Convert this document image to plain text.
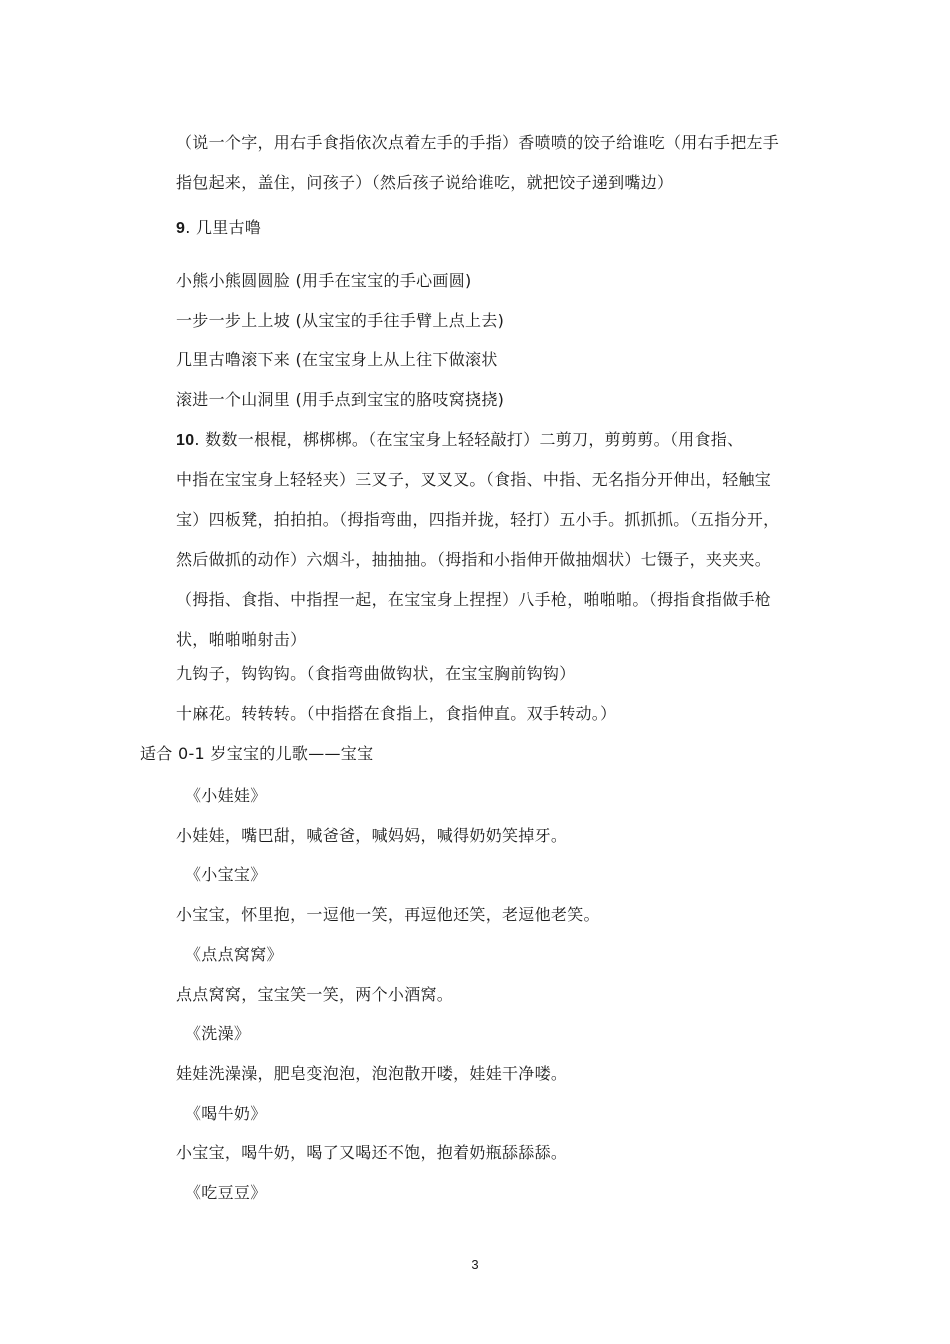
（说一个字，用右手食指依次点着左手的手指）香喷喷的饺子给谁吃（用右手把左手
指包起来，盖住，问孩子）（然后孩子说给谁吃，就把饺子递到嘴边）
9. 几里古噜
小熊小熊圆圆脸 (用手在宝宝的手心画圆)
一步一步上上坡 (从宝宝的手往手臂上点上去)
几里古噜滚下来 (在宝宝身上从上往下做滚状
滚进一个山洞里 (用手点到宝宝的胳吱窝挠挠)
10. 数数一根棍，梆梆梆。（在宝宝身上轻轻敲打）二剪刀，剪剪剪。（用食指、
中指在宝宝身上轻轻夹）三叉子，叉叉叉。（食指、中指、无名指分开伸出，轻触宝
宝）四板凳，拍拍拍。（拇指弯曲，四指并拢，轻打）五小手。抓抓抓。（五指分开，
然后做抓的动作）六烟斗，抽抽抽。（拇指和小指伸开做抽烟状）七镊子，夹夹夹。
（拇指、食指、中指捏一起，在宝宝身上捏捏）八手枪，啪啪啪。（拇指食指做手枪
状，啪啪啪射击）
九钩子，钩钩钩。（食指弯曲做钩状，在宝宝胸前钩钩）
十麻花。转转转。（中指搭在食指上，食指伸直。双手转动。）
适合 0-1 岁宝宝的儿歌——宝宝
《小娃娃》
小娃娃，嘴巴甜，喊爸爸，喊妈妈，喊得奶奶笑掉牙。
《小宝宝》
小宝宝，怀里抱，一逗他一笑，再逗他还笑，老逗他老笑。
《点点窝窝》
点点窝窝，宝宝笑一笑，两个小酒窝。
《洗澡》
娃娃洗澡澡，肥皂变泡泡，泡泡散开喽，娃娃干净喽。
《喝牛奶》
小宝宝，喝牛奶，喝了又喝还不饱，抱着奶瓶舔舔舔。
《吃豆豆》
3
